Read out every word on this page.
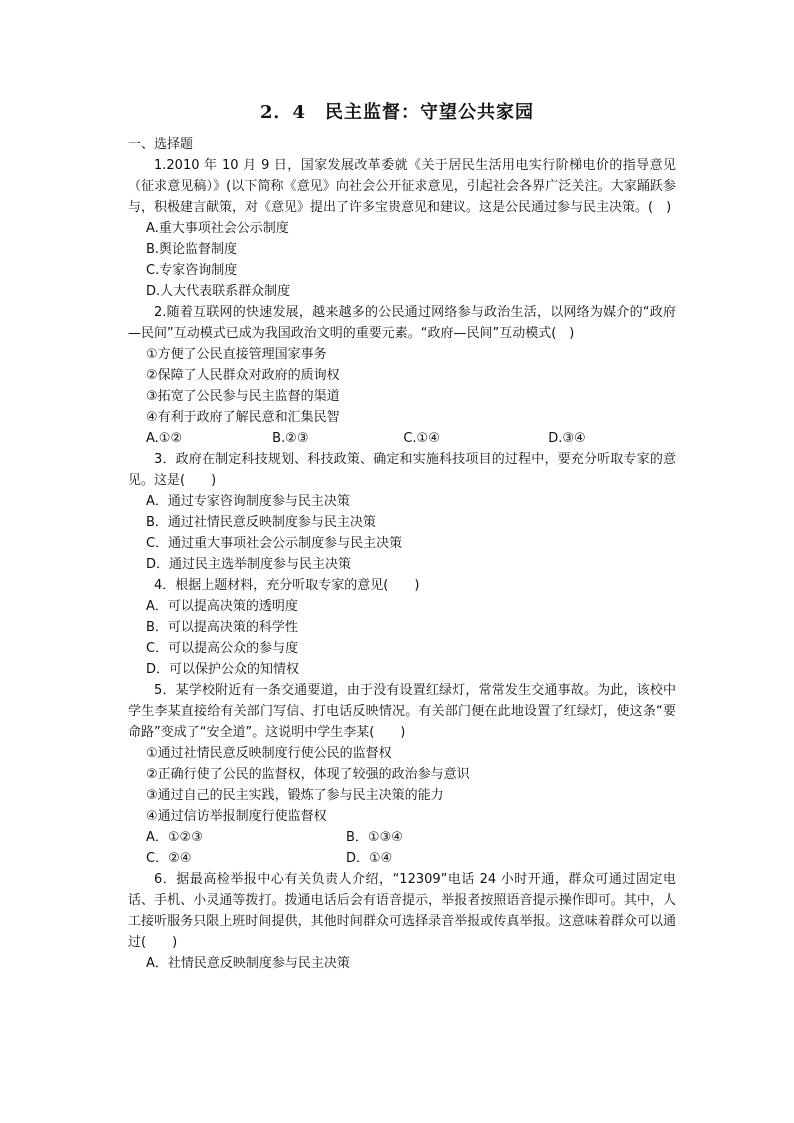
2．4　民主监督：守望公共家园

一、选择题

1.2010 年 10 月 9 日，国家发展改革委就《关于居民生活用电实行阶梯电价的指导意见（征求意见稿）》(以下简称《意见》向社会公开征求意见，引起社会各界广泛关注。大家踊跃参与，积极建言献策，对《意见》提出了许多宝贵意见和建议。这是公民通过参与民主决策。(　)

A.重大事项社会公示制度

B.舆论监督制度

C.专家咨询制度

D.人大代表联系群众制度

2.随着互联网的快速发展，越来越多的公民通过网络参与政治生活，以网络为媒介的“政府—民间”互动模式已成为我国政治文明的重要元素。“政府—民间”互动模式(　)

①方便了公民直接管理国家事务

②保障了人民群众对政府的质询权

③拓宽了公民参与民主监督的渠道

④有利于政府了解民意和汇集民智

A.①②	B.②③	C.①④	D.③④

3．政府在制定科技规划、科技政策、确定和实施科技项目的过程中，要充分听取专家的意见。这是(　　)

A．通过专家咨询制度参与民主决策

B．通过社情民意反映制度参与民主决策

C．通过重大事项社会公示制度参与民主决策

D．通过民主选举制度参与民主决策

4．根据上题材料，充分听取专家的意见(　　)

A．可以提高决策的透明度

B．可以提高决策的科学性

C．可以提高公众的参与度

D．可以保护公众的知情权

5．某学校附近有一条交通要道，由于没有设置红绿灯，常常发生交通事故。为此，该校中学生李某直接给有关部门写信、打电话反映情况。有关部门便在此地设置了红绿灯，使这条“要命路”变成了“安全道”。这说明中学生李某(　　)

①通过社情民意反映制度行使公民的监督权

②正确行使了公民的监督权，体现了较强的政治参与意识

③通过自己的民主实践，锻炼了参与民主决策的能力

④通过信访举报制度行使监督权

A．①②③	B．①③④
C．②④	D．①④

6．据最高检举报中心有关负责人介绍，“12309”电话 24 小时开通，群众可通过固定电话、手机、小灵通等拨打。拨通电话后会有语音提示，举报者按照语音提示操作即可。其中，人工接听服务只限上班时间提供，其他时间群众可选择录音举报或传真举报。这意味着群众可以通过(　　)

A．社情民意反映制度参与民主决策
